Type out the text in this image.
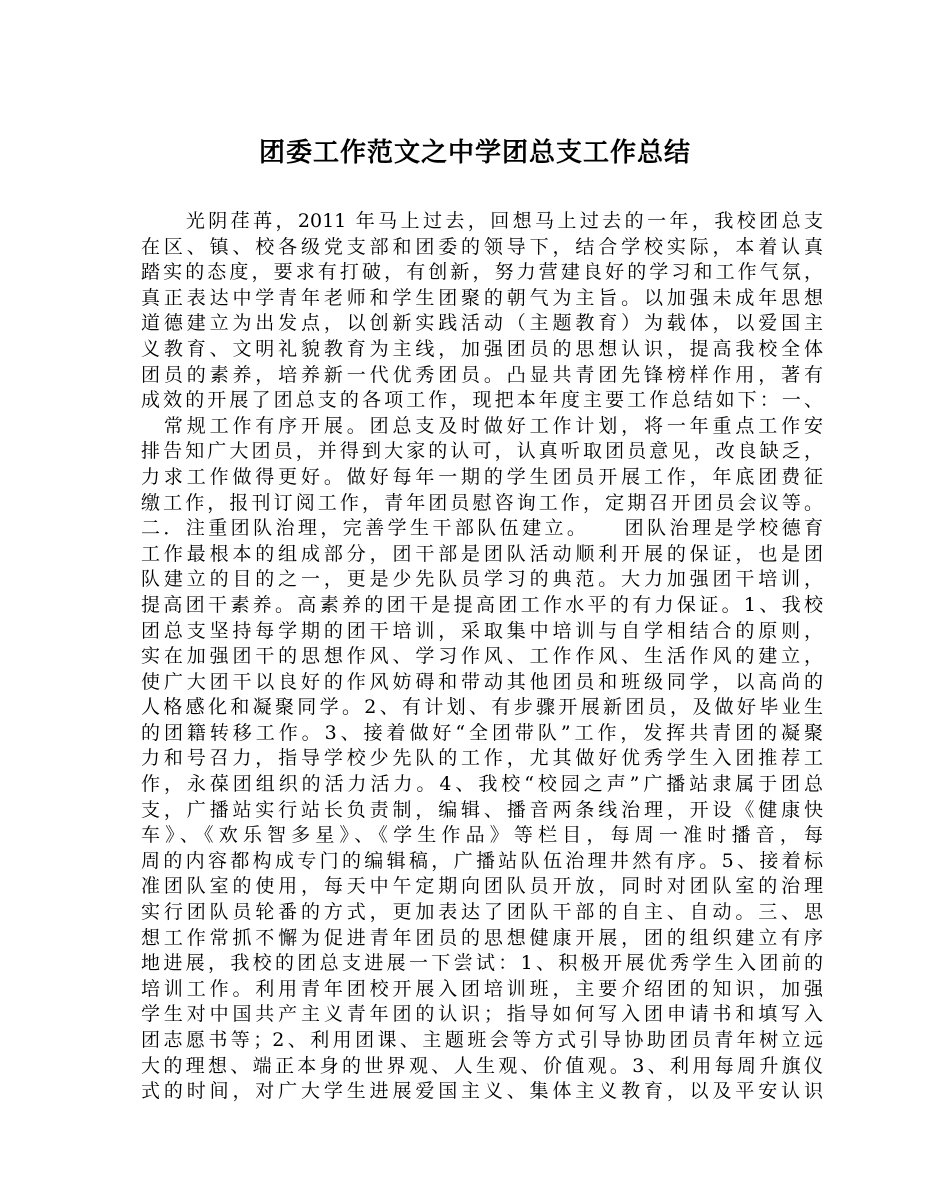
团委工作范文之中学团总支工作总结
　　光阴荏苒，2011 年马上过去，回想马上过去的一年，我校团总支
在区、镇、校各级党支部和团委的领导下，结合学校实际，本着认真
踏实的态度，要求有打破，有创新，努力营建良好的学习和工作气氛，
真正表达中学青年老师和学生团聚的朝气为主旨。以加强未成年思想
道德建立为出发点，以创新实践活动（主题教育）为载体，以爱国主
义教育、文明礼貌教育为主线，加强团员的思想认识，提高我校全体
团员的素养，培养新一代优秀团员。凸显共青团先锋榜样作用，著有
成效的开展了团总支的各项工作，现把本年度主要工作总结如下：一、
　常规工作有序开展。团总支及时做好工作计划，将一年重点工作安
排告知广大团员，并得到大家的认可，认真听取团员意见，改良缺乏，
力求工作做得更好。做好每年一期的学生团员开展工作，年底团费征
缴工作，报刊订阅工作，青年团员慰咨询工作，定期召开团员会议等。
二．注重团队治理，完善学生干部队伍建立。　　团队治理是学校德育
工作最根本的组成部分，团干部是团队活动顺利开展的保证，也是团
队建立的目的之一，更是少先队员学习的典范。大力加强团干培训，
提高团干素养。高素养的团干是提高团工作水平的有力保证。1、我校
团总支坚持每学期的团干培训，采取集中培训与自学相结合的原则，
实在加强团干的思想作风、学习作风、工作作风、生活作风的建立，
使广大团干以良好的作风妨碍和带动其他团员和班级同学，以高尚的
人格感化和凝聚同学。2、有计划、有步骤开展新团员，及做好毕业生
的团籍转移工作。3、接着做好“全团带队”工作，发挥共青团的凝聚
力和号召力，指导学校少先队的工作，尤其做好优秀学生入团推荐工
作，永葆团组织的活力活力。4、我校“校园之声”广播站隶属于团总
支，广播站实行站长负责制，编辑、播音两条线治理，开设《健康快
车》、《欢乐智多星》、《学生作品》等栏目，每周一准时播音，每
周的内容都构成专门的编辑稿，广播站队伍治理井然有序。5、接着标
准团队室的使用，每天中午定期向团队员开放，同时对团队室的治理
实行团队员轮番的方式，更加表达了团队干部的自主、自动。三、思
想工作常抓不懈为促进青年团员的思想健康开展，团的组织建立有序
地进展，我校的团总支进展一下尝试：1、积极开展优秀学生入团前的
培训工作。利用青年团校开展入团培训班，主要介绍团的知识，加强
学生对中国共产主义青年团的认识；指导如何写入团申请书和填写入
团志愿书等；2、利用团课、主题班会等方式引导协助团员青年树立远
大的理想、端正本身的世界观、人生观、价值观。3、利用每周升旗仪
式的时间，对广大学生进展爱国主义、集体主义教育，以及平安认识
